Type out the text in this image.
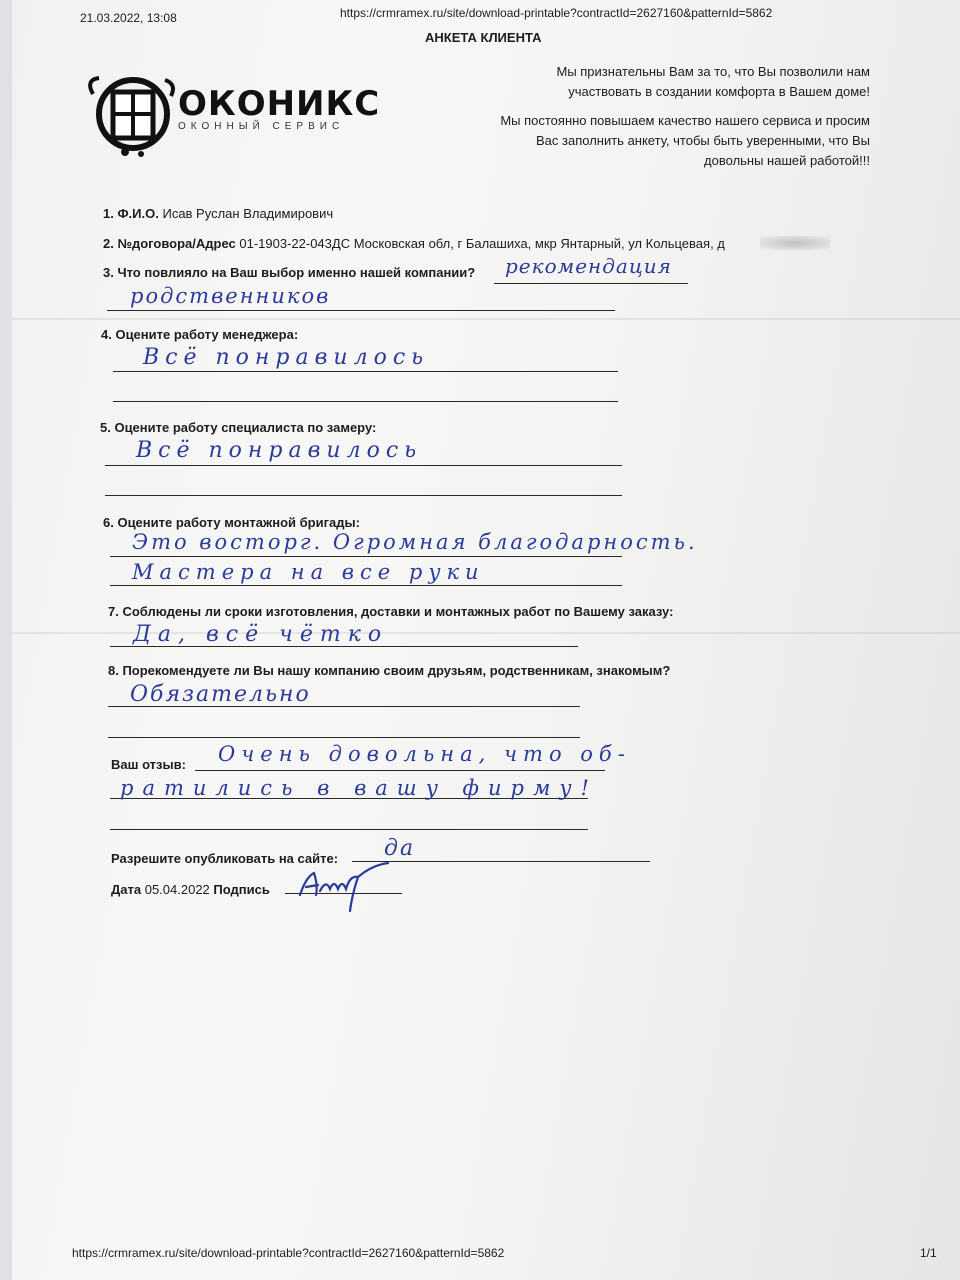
21.03.2022, 13:08	https://crmramex.ru/site/download-printable?contractId=2627160&patternId=5862
АНКЕТА КЛИЕНТА
ОКОНИКС
ОКОННЫЙ СЕРВИС
Мы признательны Вам за то, что Вы позволили нам
участвовать в создании комфорта в Вашем доме!
Мы постоянно повышаем качество нашего сервиса и просим
Вас заполнить анкету, чтобы быть уверенными, что Вы
довольны нашей работой!!!
1. Ф.И.О. Исав Руслан Владимирович
2. №договора/Адрес 01-1903-22-043ДС Московская обл, г Балашиха, мкр Янтарный, ул Кольцевая, д
3. Что повлияло на Ваш выбор именно нашей компании? рекомендация
родственников
4. Оцените работу менеджера:
Всё понравилось
5. Оцените работу специалиста по замеру:
Всё понравилось
6. Оцените работу монтажной бригады:
Это восторг. Огромная благодарность.
Мастера на все руки
7. Соблюдены ли сроки изготовления, доставки и монтажных работ по Вашему заказу:
Да, всё чётко
8. Порекомендуете ли Вы нашу компанию своим друзьям, родственникам, знакомым?
Обязательно
Ваш отзыв: Очень довольна, что об-
ратились в вашу фирму!
Разрешите опубликовать на сайте: да
Дата 05.04.2022 Подпись
https://crmramex.ru/site/download-printable?contractId=2627160&patternId=5862	1/1
